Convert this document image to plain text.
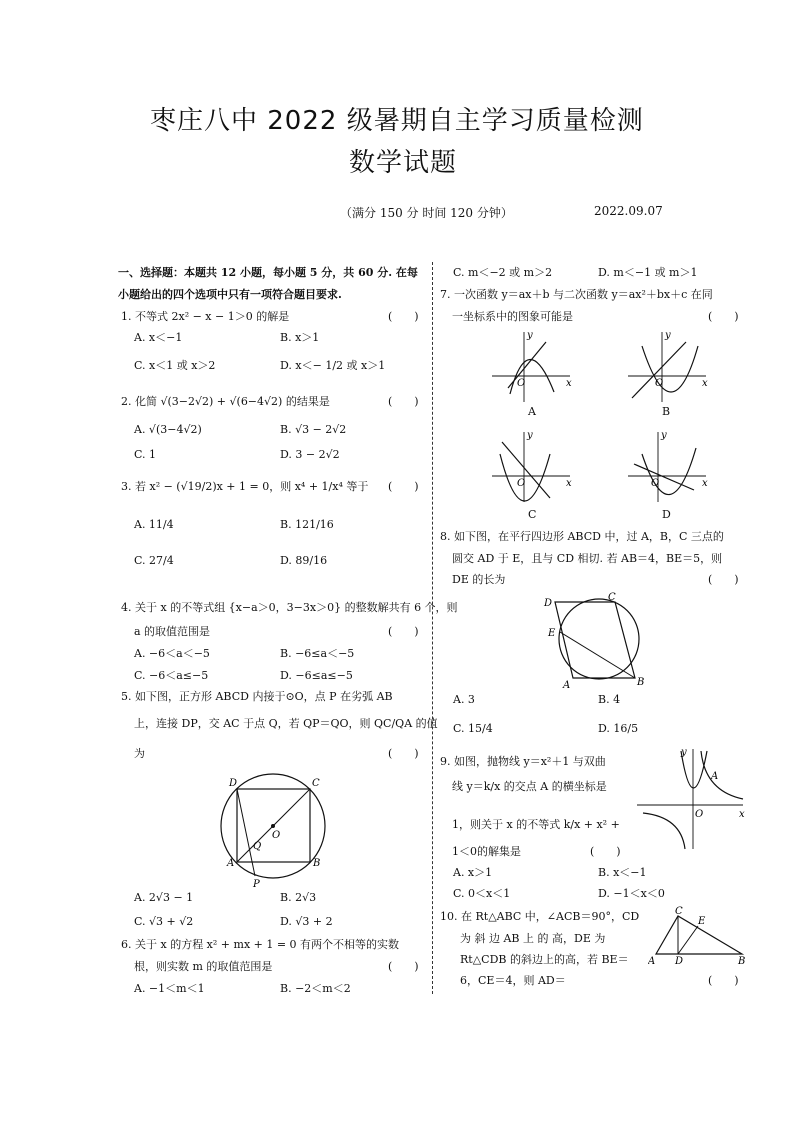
枣庄八中 2022 级暑期自主学习质量检测
数学试题
（满分 150 分 时间 120 分钟）	2022.09.07
一、选择题：本题共 12 小题，每小题 5 分，共 60 分. 在每
小题给出的四个选项中只有一项符合题目要求.
1. 不等式 2x² − x − 1＞0 的解是	(　　)
A. x＜−1	B. x＞1
C. x＜1 或 x＞2	D. x＜− 1/2 或 x＞1
2. 化简 √(3−2√2) + √(6−4√2) 的结果是	(　　)
A. √(3−4√2)	B. √3 − 2√2
C. 1	D. 3 − 2√2
3. 若 x² − (√19/2)x + 1 = 0，则 x⁴ + 1/x⁴ 等于 (　　)
A. 11/4	B. 121/16
C. 27/4	D. 89/16
4. 关于 x 的不等式组 {x−a＞0，3−3x＞0} 的整数解共有 6 个，则
a 的取值范围是	(　　)
A. −6＜a＜−5	B. −6≤a＜−5
C. −6＜a≤−5	D. −6≤a≤−5
5. 如下图，正方形 ABCD 内接于⊙O，点 P 在劣弧 AB
上，连接 DP，交 AC 于点 Q，若 QP＝QO，则 QC/QA 的值
为	(　　)
D	C
A	B
O
Q
P
A. 2√3 − 1	B. 2√3
C. √3 + √2	D. √3 + 2
6. 关于 x 的方程 x² + mx + 1 = 0 有两个不相等的实数
根，则实数 m 的取值范围是	(　　)
A. −1＜m＜1	B. −2＜m＜2
C. m＜−2 或 m＞2	D. m＜−1 或 m＞1
7. 一次函数 y＝ax＋b 与二次函数 y＝ax²＋bx＋c 在同
一坐标系中的图象可能是	(　　)
y
x
O
A
y
x
O
B
y
x
O
C
y
x
O
D
8. 如下图，在平行四边形 ABCD 中，过 A，B，C 三点的
圆交 AD 于 E，且与 CD 相切. 若 AB＝4，BE＝5，则
DE 的长为	(　　)
D
C
E
A	B
A. 3	B. 4
C. 15/4	D. 16/5
9. 如图，抛物线 y＝x²＋1 与双曲
线 y＝k/x 的交点 A 的横坐标是
1，则关于 x 的不等式 k/x + x² +
1＜0的解集是	(　　)
y
x
O
A
A. x＞1	B. x＜−1
C. 0＜x＜1	D. −1＜x＜0
10. 在 Rt△ABC 中，∠ACB＝90°，CD
为 斜 边 AB 上 的 高，DE 为
Rt△CDB 的斜边上的高，若 BE＝
6，CE＝4，则 AD＝	(　　)
C
E
A D	B
